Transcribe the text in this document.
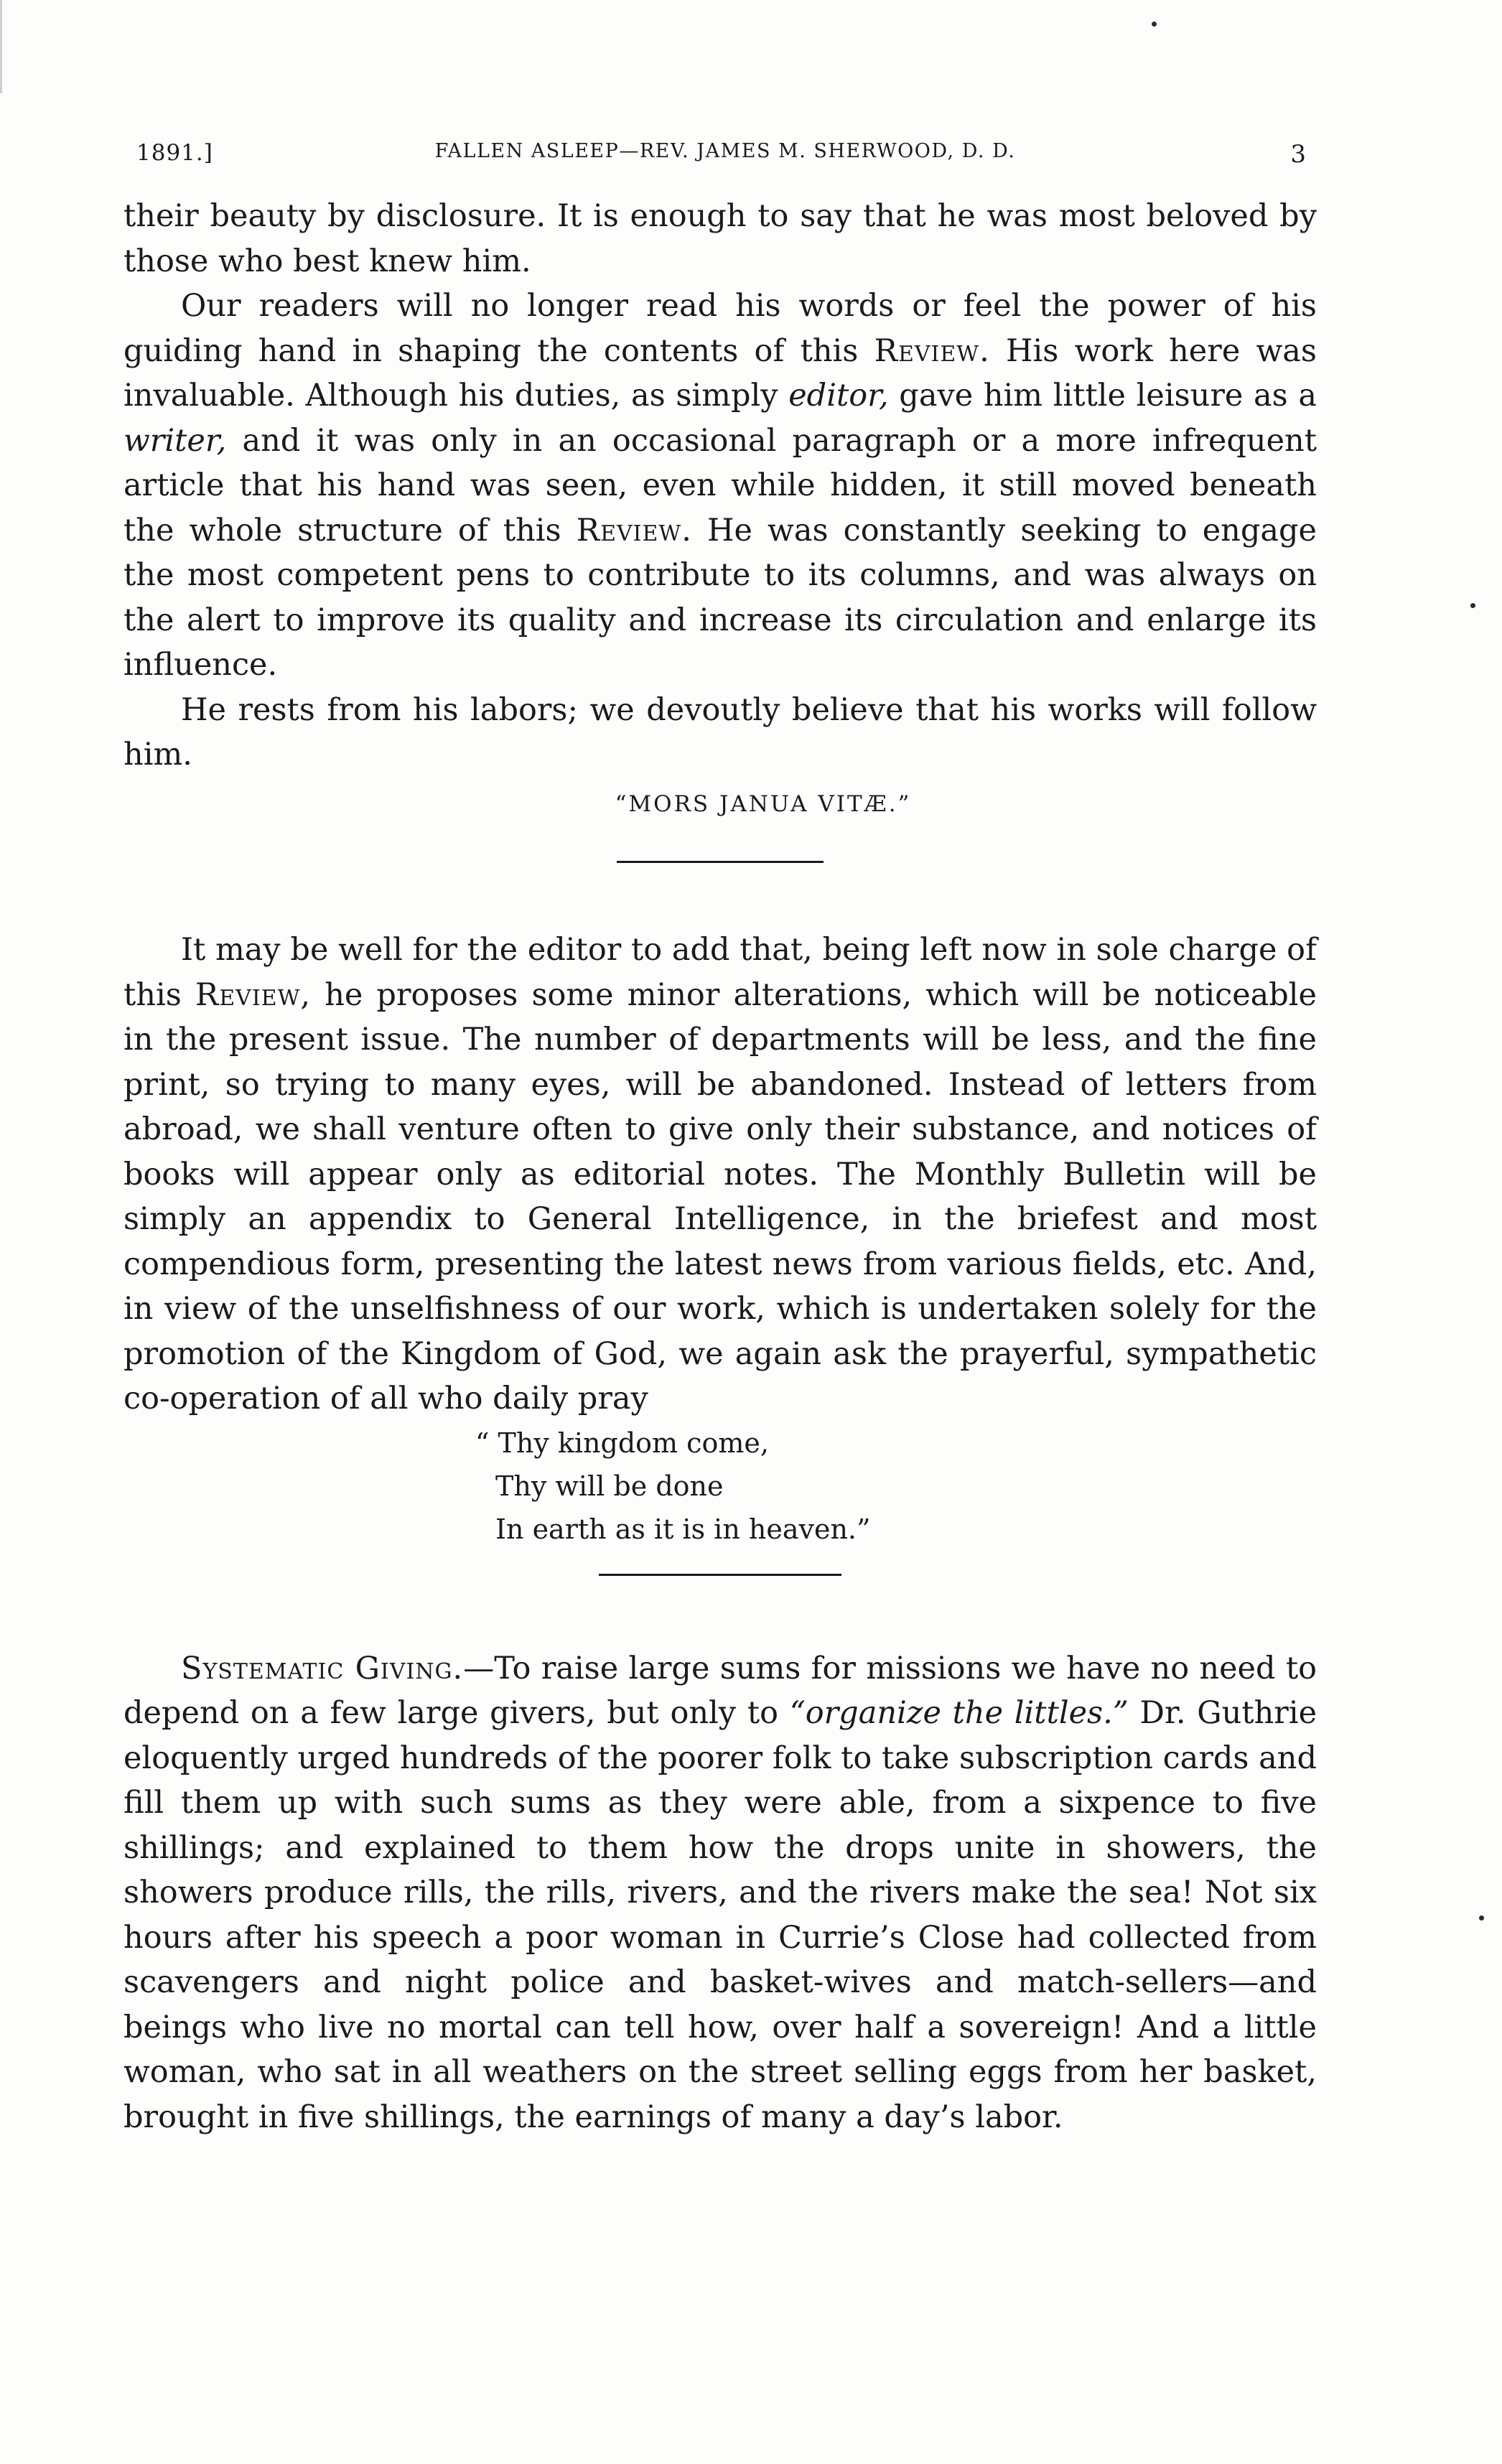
1891.]	FALLEN ASLEEP—REV. JAMES M. SHERWOOD, D. D.	3

their beauty by disclosure. It is enough to say that he was most beloved by those who best knew him.

Our readers will no longer read his words or feel the power of his guiding hand in shaping the contents of this Review. His work here was invaluable. Although his duties, as simply editor, gave him little leisure as a writer, and it was only in an occasional paragraph or a more infrequent article that his hand was seen, even while hidden, it still moved beneath the whole structure of this Review. He was constantly seeking to engage the most competent pens to contribute to its columns, and was always on the alert to improve its quality and increase its circulation and enlarge its influence.

He rests from his labors; we devoutly believe that his works will follow him.

“MORS JANUA VITÆ.”

It may be well for the editor to add that, being left now in sole charge of this Review, he proposes some minor alterations, which will be noticeable in the present issue. The number of departments will be less, and the fine print, so trying to many eyes, will be abandoned. Instead of letters from abroad, we shall venture often to give only their substance, and notices of books will appear only as editorial notes. The Monthly Bulletin will be simply an appendix to General Intelligence, in the briefest and most compendious form, presenting the latest news from various fields, etc. And, in view of the unselfishness of our work, which is undertaken solely for the promotion of the Kingdom of God, we again ask the prayerful, sympathetic co-operation of all who daily pray

“ Thy kingdom come,
Thy will be done
In earth as it is in heaven.”

Systematic Giving.—To raise large sums for missions we have no need to depend on a few large givers, but only to “organize the littles.” Dr. Guthrie eloquently urged hundreds of the poorer folk to take subscription cards and fill them up with such sums as they were able, from a sixpence to five shillings; and explained to them how the drops unite in showers, the showers produce rills, the rills, rivers, and the rivers make the sea! Not six hours after his speech a poor woman in Currie’s Close had collected from scavengers and night police and basket-wives and match-sellers—and beings who live no mortal can tell how, over half a sovereign! And a little woman, who sat in all weathers on the street selling eggs from her basket, brought in five shillings, the earnings of many a day’s labor.
